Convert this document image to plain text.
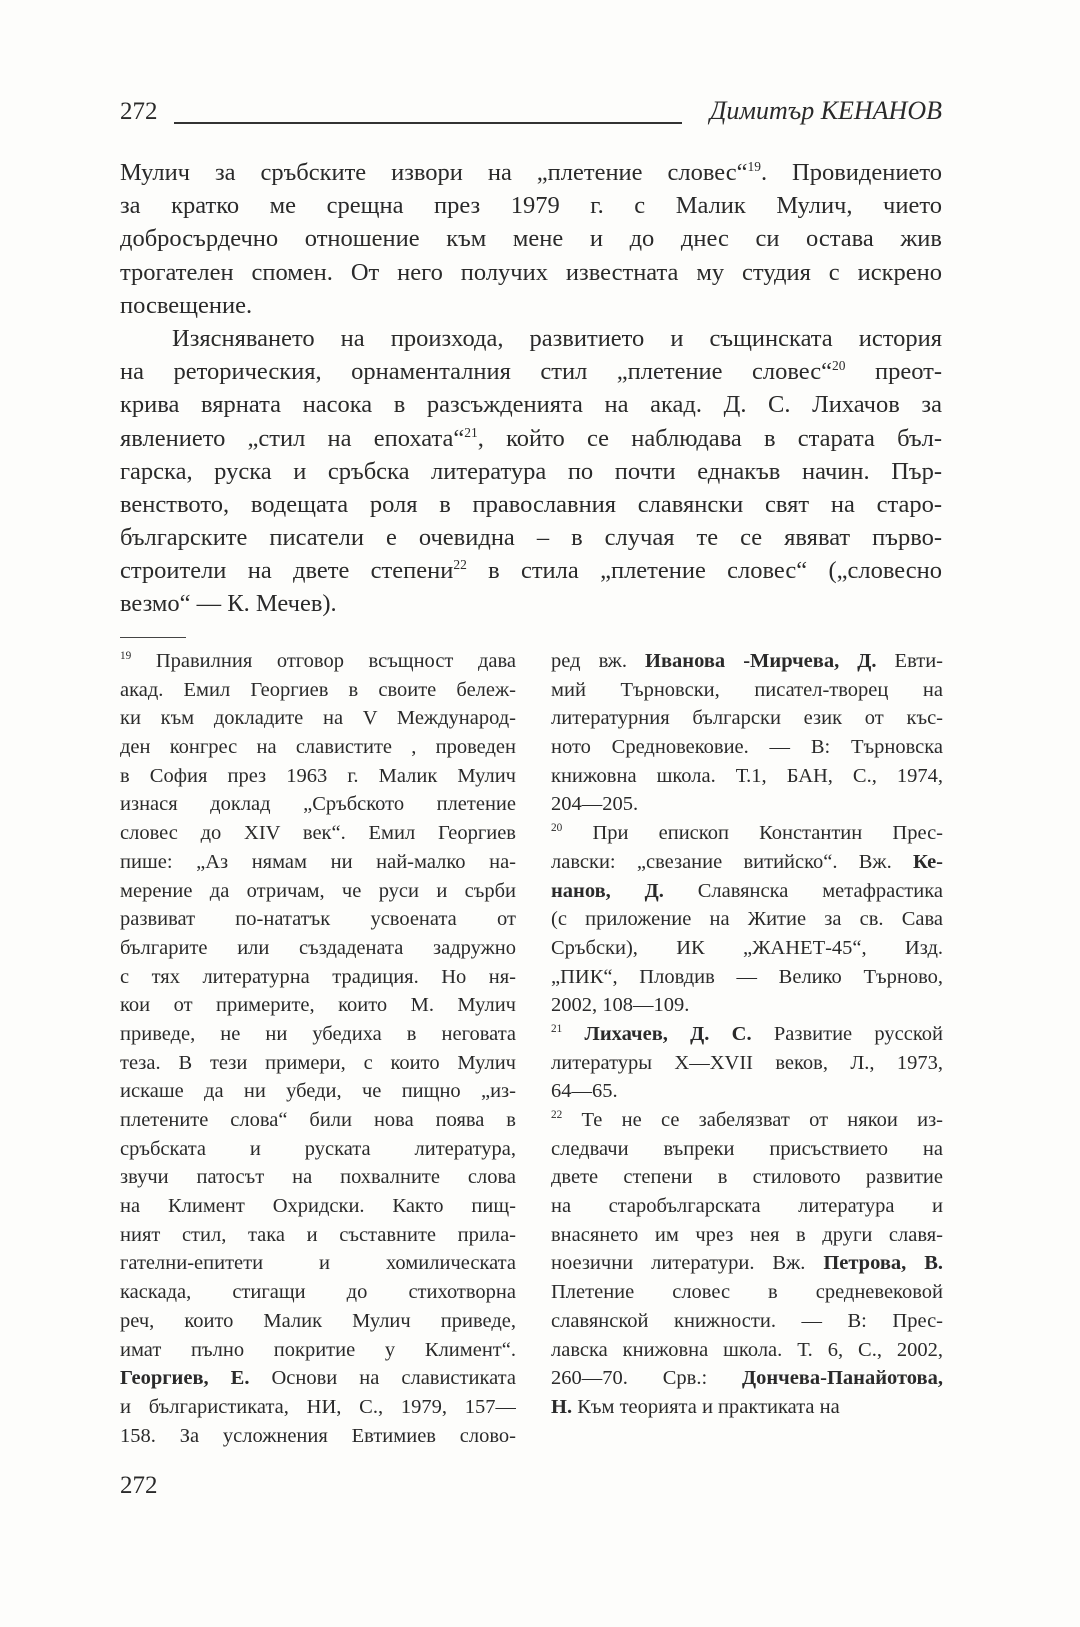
272	Димитър КЕНАНОВ
Мулич за сръбските извори на „плетение словес“$^{19}$. Провидението
за кратко ме срещна през 1979 г. с Малик Мулич, чието
добросърдечно отношение към мене и до днес си остава жив
трогателен спомен. От него получих известната му студия с искрено
посвещение.
Изясняването на произхода, развитието и същинската история
на реторическия, орнаменталния стил „плетение словес“$^{20}$ преот-
крива вярната насока в разсъжденията на акад. Д. С. Лихачов за
явлението „стил на епохата“$^{21}$, който се наблюдава в старата бъл-
гарска, руска и сръбска литература по почти еднакъв начин. Пър-
венството, водещата роля в православния славянски свят на старо-
българските писатели е очевидна – в случая те се явяват първо-
строители на двете степени$^{22}$ в стила „плетение словес“ („словесно
везмо“ — К. Мечев).
$^{19}$ Правилния отговор всъщност дава
акад. Емил Георгиев в своите бележ-
ки към докладите на V Международ-
ден конгрес на славистите , проведен
в София през 1963 г. Малик Мулич
изнася доклад „Сръбското плетение
словес до XIV век“. Емил Георгиев
пише: „Аз нямам ни най-малко на-
мерение да отричам, че руси и сърби
развиват по-нататък усвоената от
българите или създадената задружно
с тях литературна традиция. Но ня-
кои от примерите, които М. Мулич
приведе, не ни убедиха в неговата
теза. В тези примери, с които Мулич
искаше да ни убеди, че пищно „из-
плетените слова“ били нова поява в
сръбската и руската литература,
звучи патосът на похвалните слова
на Климент Охридски. Както пищ-
ният стил, така и съставните прила-
гателни-епитети и хомилическата
каскада, стигащи до стихотворна
реч, които Малик Мулич приведе,
имат пълно покритие у Климент“.
Георгиев, Е. Основи на славистиката
и българистиката, НИ, С., 1979, 157—
158. За усложнения Евтимиев слово-
ред вж. Иванова -Мирчева, Д. Евти-
мий Търновски, писател-творец на
литературния български език от къс-
ното Средновековие. — В: Търновска
книжовна школа. Т.1, БАН, С., 1974,
204—205.
$^{20}$ При епископ Константин Прес-
лавски: „свезание витийско“. Вж. Ке-
нанов, Д. Славянска метафрастика
(с приложение на Житие за св. Сава
Сръбски), ИК „ЖАНЕТ-45“, Изд.
„ПИК“, Пловдив — Велико Търново,
2002, 108—109.
$^{21}$ Лихачев, Д. С. Развитие русской
литературы X—XVII веков, Л., 1973,
64—65.
$^{22}$ Те не се забелязват от някои из-
следвачи въпреки присъствието на
двете степени в стиловото развитие
на старобългарската литература и
внасянето им чрез нея в други славя-
ноезични литератури. Вж. Петрова, В.
Плетение словес в средневековой
славянской книжности. — В: Прес-
лавска книжовна школа. Т. 6, С., 2002,
260—70. Срв.: Дончева-Панайотова,
Н. Към теорията и практиката на
272
